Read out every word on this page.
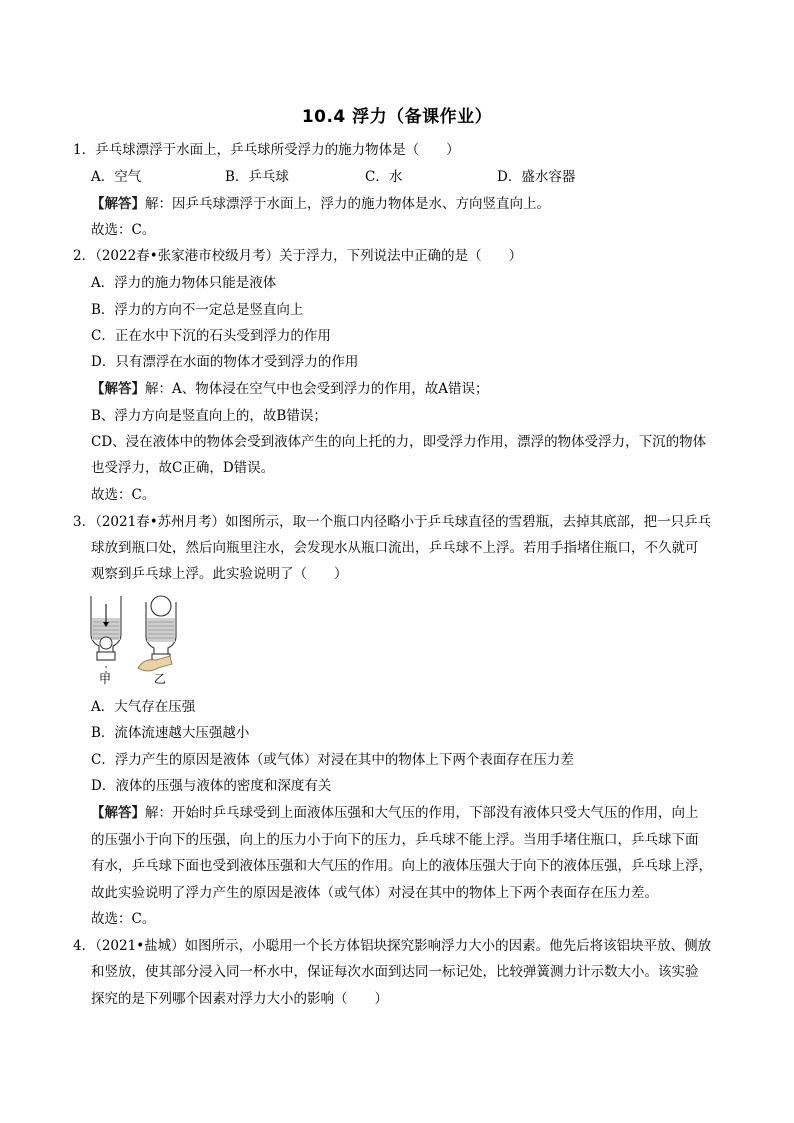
10.4 浮力（备课作业）
1．乒乓球漂浮于水面上，乒乓球所受浮力的施力物体是（　　）
A．空气	B．乒乓球	C．水	D．盛水容器
【解答】解：因乒乓球漂浮于水面上，浮力的施力物体是水、方向竖直向上。
故选：C。
2．（2022春•张家港市校级月考）关于浮力，下列说法中正确的是（　　）
A．浮力的施力物体只能是液体
B．浮力的方向不一定总是竖直向上
C．正在水中下沉的石头受到浮力的作用
D．只有漂浮在水面的物体才受到浮力的作用
【解答】解：A、物体浸在空气中也会受到浮力的作用，故A错误；
B、浮力方向是竖直向上的，故B错误；
CD、浸在液体中的物体会受到液体产生的向上托的力，即受浮力作用，漂浮的物体受浮力，下沉的物体
也受浮力，故C正确，D错误。
故选：C。
3．（2021春•苏州月考）如图所示，取一个瓶口内径略小于乒乓球直径的雪碧瓶，去掉其底部，把一只乒乓
球放到瓶口处，然后向瓶里注水，会发现水从瓶口流出，乒乓球不上浮。若用手指堵住瓶口，不久就可
观察到乒乓球上浮。此实验说明了（　　）
甲	乙
A．大气存在压强
B．流体流速越大压强越小
C．浮力产生的原因是液体（或气体）对浸在其中的物体上下两个表面存在压力差
D．液体的压强与液体的密度和深度有关
【解答】解：开始时乒乓球受到上面液体压强和大气压的作用，下部没有液体只受大气压的作用，向上
的压强小于向下的压强，向上的压力小于向下的压力，乒乓球不能上浮。当用手堵住瓶口，乒乓球下面
有水，乒乓球下面也受到液体压强和大气压的作用。向上的液体压强大于向下的液体压强，乒乓球上浮，
故此实验说明了浮力产生的原因是液体（或气体）对浸在其中的物体上下两个表面存在压力差。
故选：C。
4．（2021•盐城）如图所示，小聪用一个长方体铝块探究影响浮力大小的因素。他先后将该铝块平放、侧放
和竖放，使其部分浸入同一杯水中，保证每次水面到达同一标记处，比较弹簧测力计示数大小。该实验
探究的是下列哪个因素对浮力大小的影响（　　）
